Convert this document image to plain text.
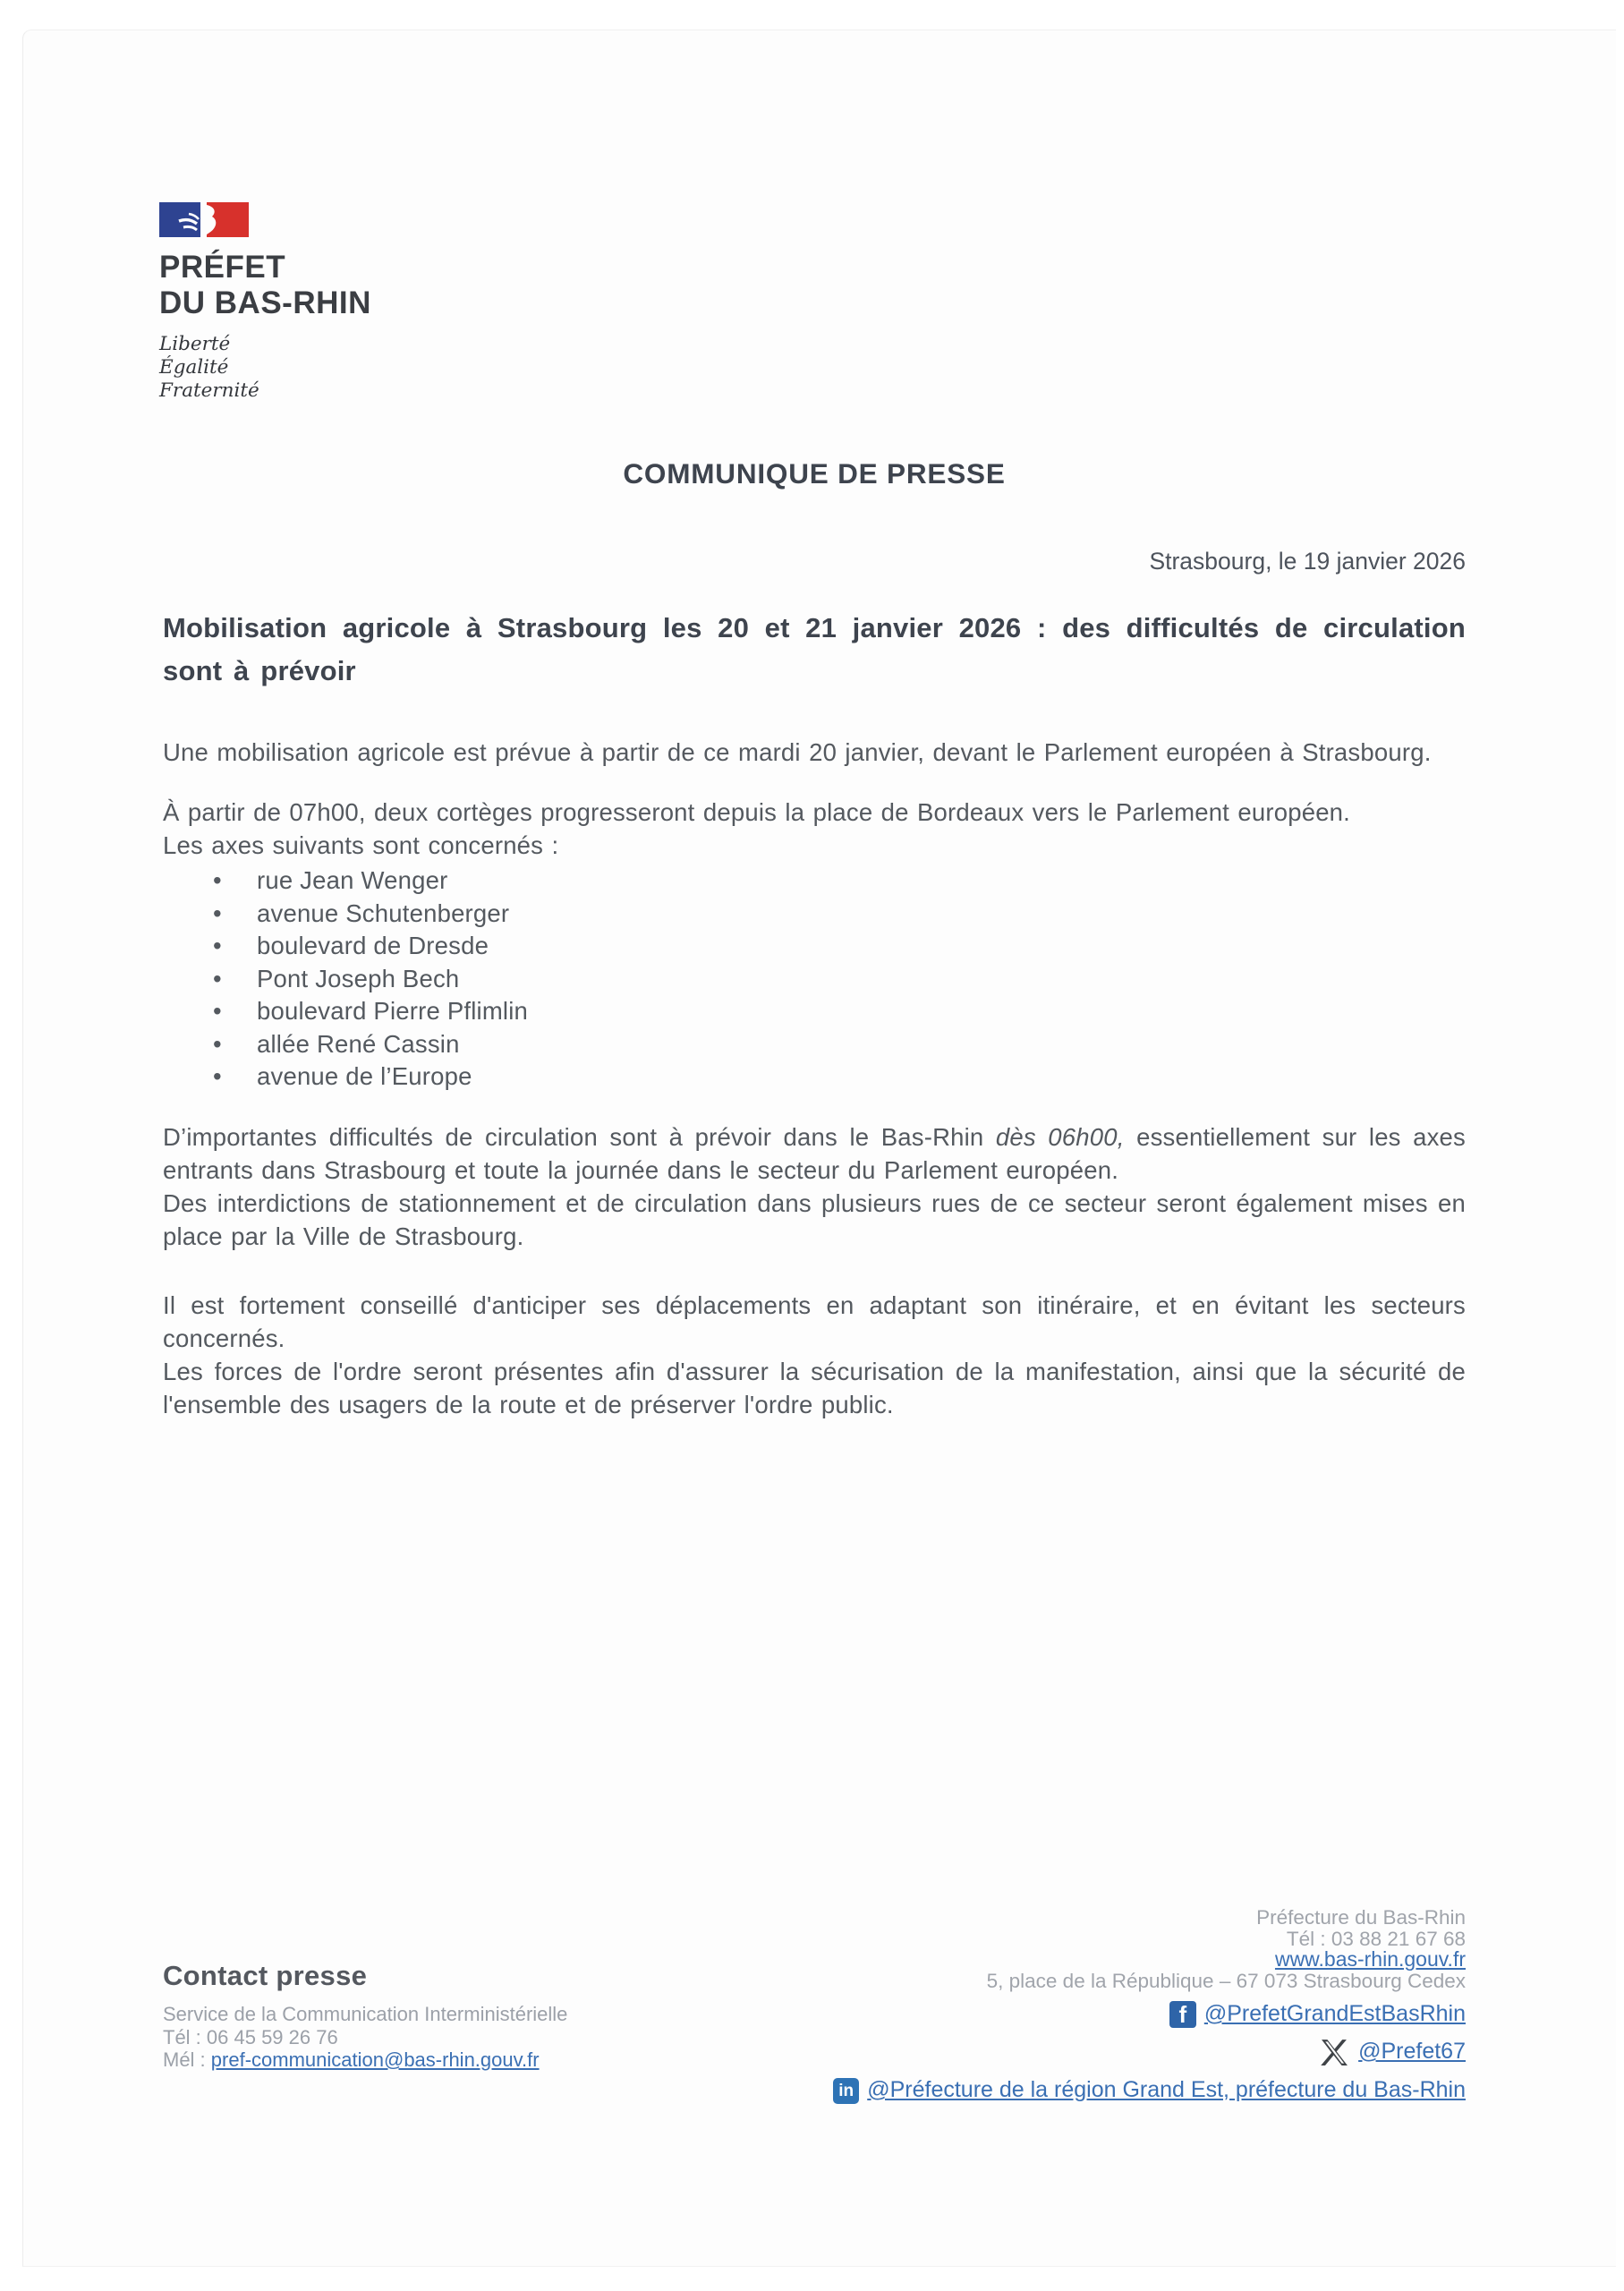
PRÉFET
DU BAS-RHIN
Liberté
Égalité
Fraternité
COMMUNIQUE DE PRESSE
Strasbourg, le 19 janvier 2026
Mobilisation agricole à Strasbourg les 20 et 21 janvier 2026 : des difficultés de circulation sont à prévoir

Une mobilisation agricole est prévue à partir de ce mardi 20 janvier, devant le Parlement européen à Strasbourg.

À partir de 07h00, deux cortèges progresseront depuis la place de Bordeaux vers le Parlement européen.
Les axes suivants sont concernés :

• rue Jean Wenger
• avenue Schutenberger
• boulevard de Dresde
• Pont Joseph Bech
• boulevard Pierre Pflimlin
• allée René Cassin
• avenue de l’Europe

D’importantes difficultés de circulation sont à prévoir dans le Bas-Rhin dès 06h00, essentiellement sur les axes entrants dans Strasbourg et toute la journée dans le secteur du Parlement européen.
Des interdictions de stationnement et de circulation dans plusieurs rues de ce secteur seront également mises en place par la Ville de Strasbourg.

Il est fortement conseillé d'anticiper ses déplacements en adaptant son itinéraire, et en évitant les secteurs concernés.
Les forces de l'ordre seront présentes afin d'assurer la sécurisation de la manifestation, ainsi que la sécurité de l'ensemble des usagers de la route et de préserver l'ordre public.

Contact presse
Service de la Communication Interministérielle
Tél : 06 45 59 26 76
Mél : pref-communication@bas-rhin.gouv.fr
Préfecture du Bas-Rhin
Tél : 03 88 21 67 68
www.bas-rhin.gouv.fr
5, place de la République – 67 073 Strasbourg Cedex
f @PrefetGrandEstBasRhin
@Prefet67
in @Préfecture de la région Grand Est, préfecture du Bas-Rhin
